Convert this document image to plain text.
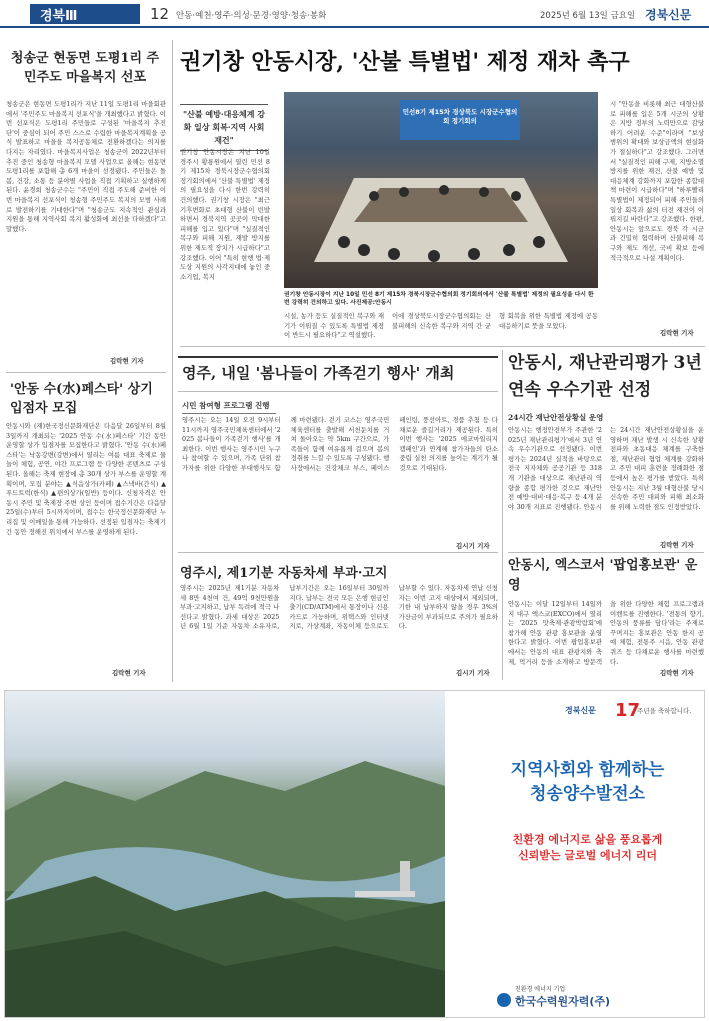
경북Ⅲ	12 안동·예천·영주·의성·문경·영양·청송·봉화	2025년 6월 13일 금요일 경북신문
청송군 현동면 도평1리 주민주도 마을복지 선포
청송군은 현동면 도평1리가 지난 11일 도평1리 마을회관에서 '주민주도 마을복지 선포식'을 개최했다고 밝혔다. 이번 선포식은 도평1리 주민들로 구성된 '마을복지 추진단'이 중심이 되어 주민 스스로 수립한 마을복지계획을 공식 발표하고 마을을 복지공동체로 전환하겠다는 의지를 다지는 자리였다. 마을복지사업은 청송군이 2022년부터 추진 중인 청송형 마을복지 모델 사업으로 올해는 현동면 도평1리를 포함해 총 6개 마을이 선정됐다. 주민들은 돌봄, 건강, 소통 등 분야별 사업을 직접 기획하고 실행하게 된다. 윤경희 청송군수는 "주민이 직접 주도해 준비한 이번 마을복지 선포식이 청송형 주민주도 복지의 모범 사례로 발전하기를 기대한다"며 "청송군도 지속적인 관심과 지원을 통해 지역사회 복지 활성화에 최선을 다하겠다"고 말했다.
김락현 기자
권기창 안동시장, '산불 특별법' 제정 재차 촉구
"산불 예방·대응체계 강화 일상 회복·지역 사회 재건"
권기창 안동시장은 지난 10일 경주시 황룡원에서 열린 민선 8기 제15차 경북시장군수협의회 정기회의에서 '산불 특별법' 제정의 필요성을 다시 한번 강력히 건의했다. 권기창 시장은 "최근 기후변화로 초대형 산불이 빈발하면서 경북지역 곳곳이 막대한 피해를 입고 있다"며 "실질적인 복구와 피해 지원, 재발 방지를 위한 제도적 장치가 시급하다"고 강조했다. 이어 "특히 현행 법·제도상 지원의 사각지대에 놓인 중소기업, 복지
민선8기 제15차 경상북도 시장군수협의회 정기회의
권기창 안동시장이 지난 10일 민선 8기 제15차 경북시장군수협의회 정기회의에서 '산불 특별법' 제정의 필요성을 다시 한번 강력히 건의하고 있다. 사진제공:안동시
시설, 농가 등도 실질적인 복구와 재기가 이뤄질 수 있도록 특별법 제정이 반드시 필요하다"고 역설했다.
이에 경상북도시장군수협의회는 산불피해의 신속한 복구와 지역 간 균형 회복을 위한 특별법 제정에 공동 대응하기로 뜻을 모았다.
시 "안동을 비롯해 최근 대형산불로 피해를 입은 5개 시군의 상황은 지방 정부의 노력만으로 감당하기 어려운 수준"이라며 "보상 범위의 확대와 보상금액의 현실화가 절실하다"고 강조했다. 그러면서 "실질적인 피해 구제, 지방소멸 방지를 위한 재건, 산불 예방 및 대응체계 강화까지 포함한 종합대책 마련이 시급하다"며 "하루빨리 특별법이 제정되어 피해 주민들의 일상 회복과 삶의 터전 재건이 이뤄지길 바란다"고 강조했다. 한편, 안동시는 앞으로도 경북 각 시군과 긴밀히 협력하며 산불피해 복구와 제도 개선, 국비 확보 등에 적극적으로 나설 계획이다.
김락현 기자
'안동 수(水)페스타' 상기 입점자 모집
안동시와 (재)한국정신문화재단은 다음달 26일부터 8월 3일까지 개최되는 '2025 안동 수(水)페스타' 기간 동안 운영할 상가 입점자를 모집한다고 밝혔다. '안동 수(水)페스타'는 낙동강변(강변)에서 열리는 여름 대표 축제로 물놀이 체험, 공연, 야간 프로그램 등 다양한 콘텐츠로 구성된다. 올해는 축제 현장에 총 30개 상가 부스를 운영할 계획이며, 모집 분야는 ▲식음상가(카페) ▲스낵바(간식) ▲푸드트럭(한식) ▲편의상가(일반) 등이다. 신청자격은 안동시 주민 및 축제장 주변 상인 등이며 접수기간은 다음달 25일(수)부터 5시까지이며, 접수는 한국정신문화재단 누리집 및 이메일을 통해 가능하다. 선정된 입점자는 축제기간 동안 정해진 위치에서 부스를 운영하게 된다.
김락현 기자
영주, 내일 '봄나들이 가족걷기 행사' 개최
시민 참여형 프로그램 진행
영주시는 오는 14일 오전 9시부터 11시까지 영주국민체육센터에서 '2025 봄나들이 가족걷기 행사'를 개최한다. 이번 행사는 영주시민 누구나 참여할 수 있으며, 가족 단위 참가자를 위한 다양한 부대행사도 함께 마련됐다. 걷기 코스는 영주국민체육센터를 출발해 서천둔치를 거쳐 돌아오는 약 5km 구간으로, 가족들이 함께 여유롭게 걸으며 봄의 정취를 느낄 수 있도록 구성됐다. 행사장에서는 건강체크 부스, 페이스페인팅, 풍선아트, 경품 추첨 등 다채로운 즐길거리가 제공된다. 특히 이번 행사는 '2025 에코마일리지 캠페인'과 연계해 참가자들의 탄소중립 실천 의지를 높이는 계기가 될 것으로 기대된다.
김시기 기자
안동시, 재난관리평가 3년 연속 우수기관 선정
24시간 재난안전상황실 운영
안동시는 행정안전부가 주관한 '2025년 재난관리평가'에서 3년 연속 우수기관으로 선정됐다. 이번 평가는 2024년 실적을 바탕으로 전국 지자체와 공공기관 등 318개 기관을 대상으로 재난관리 역량을 종합 평가한 것으로 재난안전 예방·대비·대응·복구 등 4개 분야 30개 지표로 진행됐다. 안동시는 24시간 재난안전상황실을 운영하며 재난 발생 시 신속한 상황 전파와 초동대응 체계를 구축한 점, 재난관리 협업 체계를 강화하고 주민 대피 훈련을 정례화한 점 등에서 높은 평가를 받았다. 특히 안동시는 지난 3월 대형산불 당시 신속한 주민 대피와 피해 최소화를 위해 노력한 점도 인정받았다.
김락현 기자
영주시, 제1기분 자동차세 부과·고지
영주시는 2025년 제1기분 자동차세 8만 4천여 건, 49억 9천만원을 부과·고지하고, 납부 독려에 적극 나선다고 밝혔다. 과세 대상은 2025년 6월 1일 기준 자동차 소유자로, 납부기간은 오는 16일부터 30일까지다. 납부는 전국 모든 은행 현금인출기(CD/ATM)에서 통장이나 신용카드로 가능하며, 위택스와 인터넷지로, 가상계좌, 자동이체 등으로도 납부할 수 있다. 자동차세 연납 신청자는 이번 고지 대상에서 제외되며, 기한 내 납부하지 않을 경우 3%의 가산금이 부과되므로 주의가 필요하다.
김시기 기자
안동시, 엑스코서 '팝업홍보관' 운영
안동시는 이달 12일부터 14일까지 대구 엑스코(EXCO)에서 열리는 '2025 맛축제·관광박람회'에 참가해 안동 관광 홍보관을 운영한다고 밝혔다. 이번 팝업홍보관에서는 안동의 대표 관광지와 축제, 먹거리 등을 소개하고 방문객을 위한 다양한 체험 프로그램과 이벤트를 진행한다. '전통의 향기, 안동의 풍류를 담다'라는 주제로 꾸며지는 홍보관은 안동 한지 공예 체험, 전통주 시음, 안동 관광 퀴즈 등 다채로운 행사를 마련했다.
김락현 기자
경북신문 17
주년을 축하합니다.
지역사회와 함께하는
청송양수발전소
친환경 에너지로 삶을 풍요롭게
신뢰받는 글로벌 에너지 리더
친환경 에너지 기업
한국수력원자력(주)
